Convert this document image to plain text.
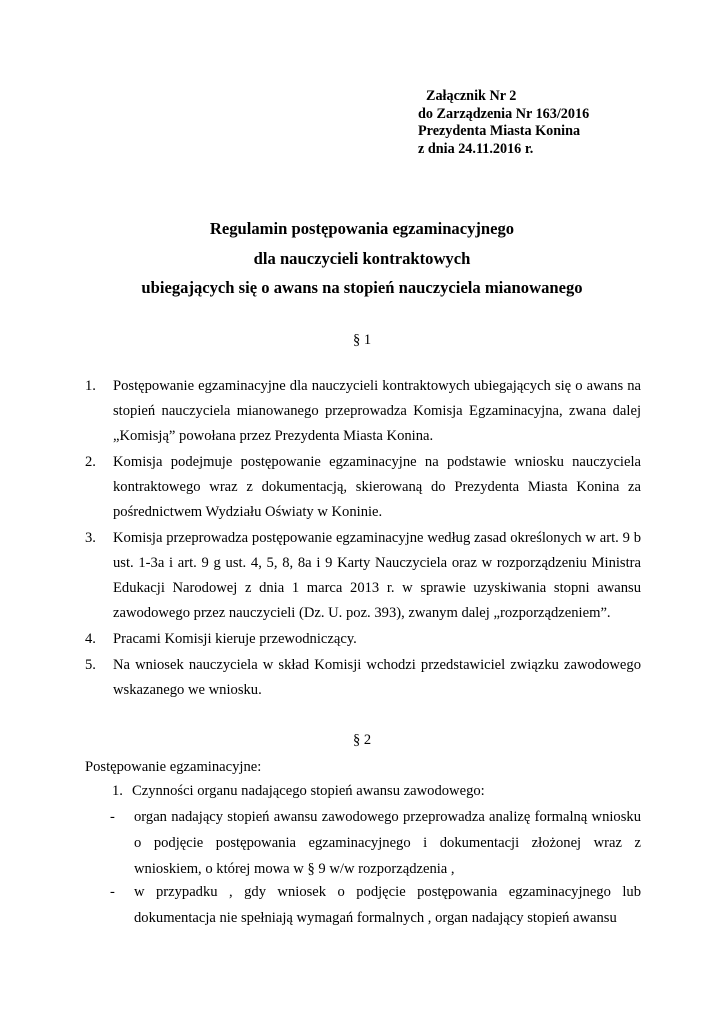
Załącznik Nr 2
do Zarządzenia Nr 163/2016
Prezydenta Miasta Konina
z dnia 24.11.2016 r.
Regulamin postępowania egzaminacyjnego
dla nauczycieli kontraktowych
ubiegających się o awans na stopień nauczyciela mianowanego
§ 1
1. Postępowanie egzaminacyjne dla nauczycieli kontraktowych ubiegających się o awans na stopień nauczyciela mianowanego przeprowadza Komisja Egzaminacyjna, zwana dalej „Komisją” powołana przez Prezydenta Miasta Konina.
2. Komisja podejmuje postępowanie egzaminacyjne na podstawie wniosku nauczyciela kontraktowego wraz z dokumentacją, skierowaną do Prezydenta Miasta Konina za pośrednictwem Wydziału Oświaty w Koninie.
3. Komisja przeprowadza postępowanie egzaminacyjne według zasad określonych w art. 9 b ust. 1-3a i art. 9 g ust. 4, 5, 8, 8a i 9 Karty Nauczyciela oraz w rozporządzeniu Ministra Edukacji Narodowej z dnia 1 marca 2013 r. w sprawie uzyskiwania stopni awansu zawodowego przez nauczycieli (Dz. U. poz. 393), zwanym dalej „rozporządzeniem”.
4. Pracami Komisji kieruje przewodniczący.
5. Na wniosek nauczyciela w skład Komisji wchodzi przedstawiciel związku zawodowego wskazanego we wniosku.
§ 2
Postępowanie egzaminacyjne:
1. Czynności organu nadającego stopień awansu zawodowego:
- organ nadający stopień awansu zawodowego przeprowadza analizę formalną wniosku o podjęcie postępowania egzaminacyjnego i dokumentacji złożonej wraz z wnioskiem, o której mowa w § 9 w/w rozporządzenia ,
- w przypadku , gdy wniosek o podjęcie postępowania egzaminacyjnego lub dokumentacja nie spełniają wymagań formalnych , organ nadający stopień awansu
